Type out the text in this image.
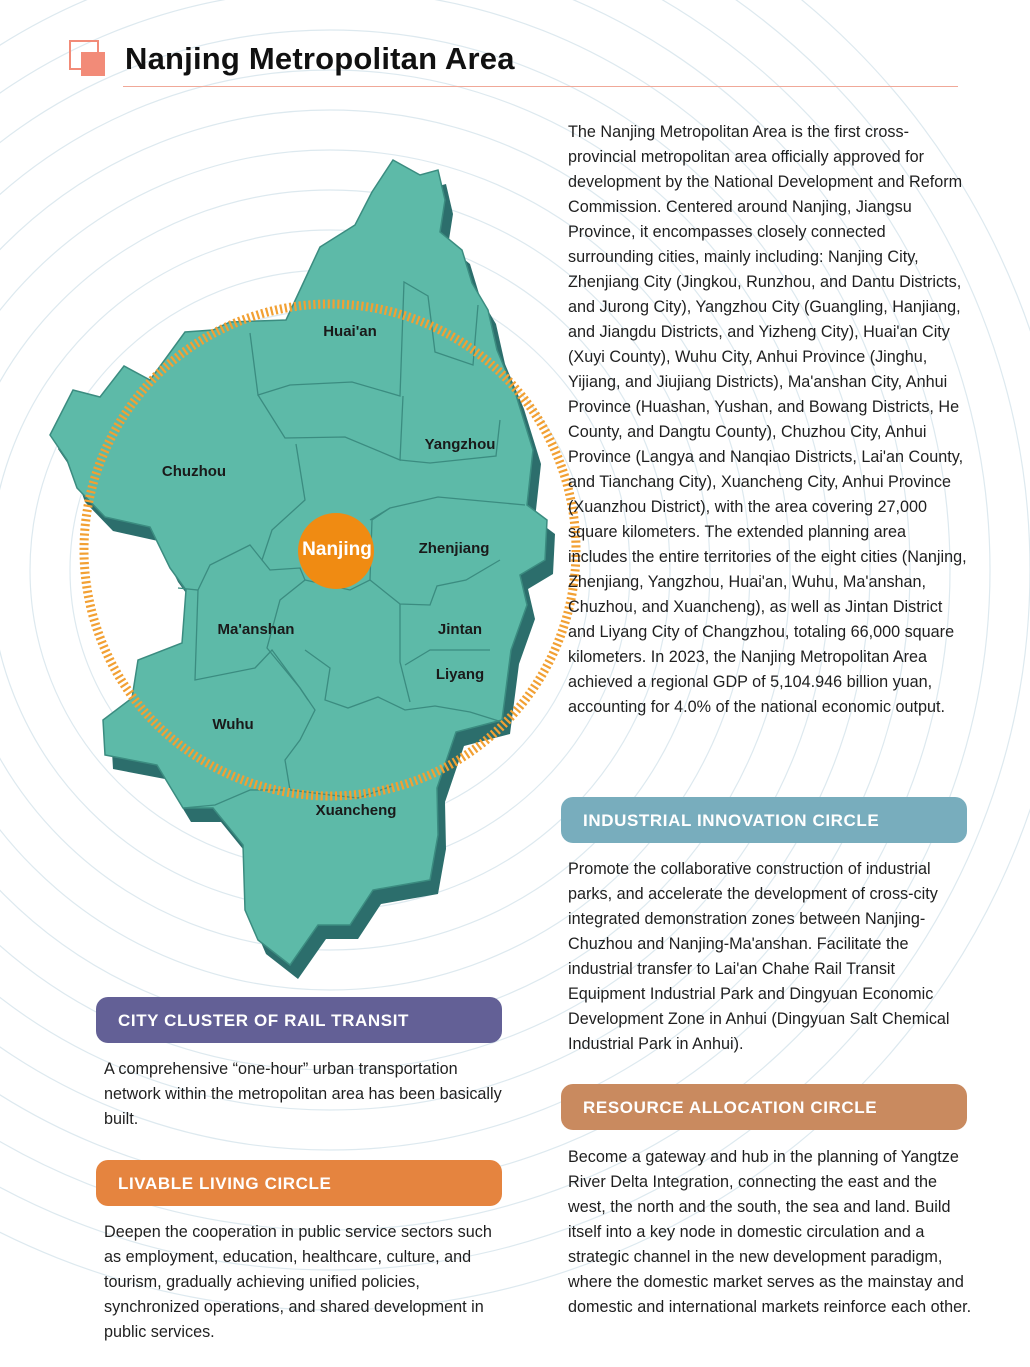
Nanjing Metropolitan Area
Nanjing
Huai'an
Yangzhou
Chuzhou
Zhenjiang
Ma'anshan	Jintan
Liyang
Wuhu
Xuancheng

The Nanjing Metropolitan Area is the first cross-provincial metropolitan area officially approved for development by the National Development and Reform Commission. Centered around Nanjing, Jiangsu Province, it encompasses closely connected surrounding cities, mainly including: Nanjing City, Zhenjiang City (Jingkou, Runzhou, and Dantu Districts, and Jurong City), Yangzhou City (Guangling, Hanjiang, and Jiangdu Districts, and Yizheng City), Huai'an City (Xuyi County), Wuhu City, Anhui Province (Jinghu, Yijiang, and Jiujiang Districts), Ma'anshan City, Anhui Province (Huashan, Yushan, and Bowang Districts, He County, and Dangtu County), Chuzhou City, Anhui Province (Langya and Nanqiao Districts, Lai'an County, and Tianchang City), Xuancheng City, Anhui Province (Xuanzhou District), with the area covering 27,000 square kilometers. The extended planning area includes the entire territories of the eight cities (Nanjing, Zhenjiang, Yangzhou, Huai'an, Wuhu, Ma'anshan, Chuzhou, and Xuancheng), as well as Jintan District and Liyang City of Changzhou, totaling 66,000 square kilometers. In 2023, the Nanjing Metropolitan Area achieved a regional GDP of 5,104.946 billion yuan, accounting for 4.0% of the national economic output.

INDUSTRIAL INNOVATION CIRCLE

Promote the collaborative construction of industrial parks, and accelerate the development of cross-city integrated demonstration zones between Nanjing-Chuzhou and Nanjing-Ma'anshan. Facilitate the industrial transfer to Lai'an Chahe Rail Transit Equipment Industrial Park and Dingyuan Economic Development Zone in Anhui (Dingyuan Salt Chemical Industrial Park in Anhui).

RESOURCE ALLOCATION CIRCLE

Become a gateway and hub in the planning of Yangtze River Delta Integration, connecting the east and the west, the north and the south, the sea and land. Build itself into a key node in domestic circulation and a strategic channel in the new development paradigm, where the domestic market serves as the mainstay and domestic and international markets reinforce each other.

CITY CLUSTER OF RAIL TRANSIT

A comprehensive “one-hour” urban transportation network within the metropolitan area has been basically built.

LIVABLE LIVING CIRCLE

Deepen the cooperation in public service sectors such as employment, education, healthcare, culture, and tourism, gradually achieving unified policies, synchronized operations, and shared development in public services.
